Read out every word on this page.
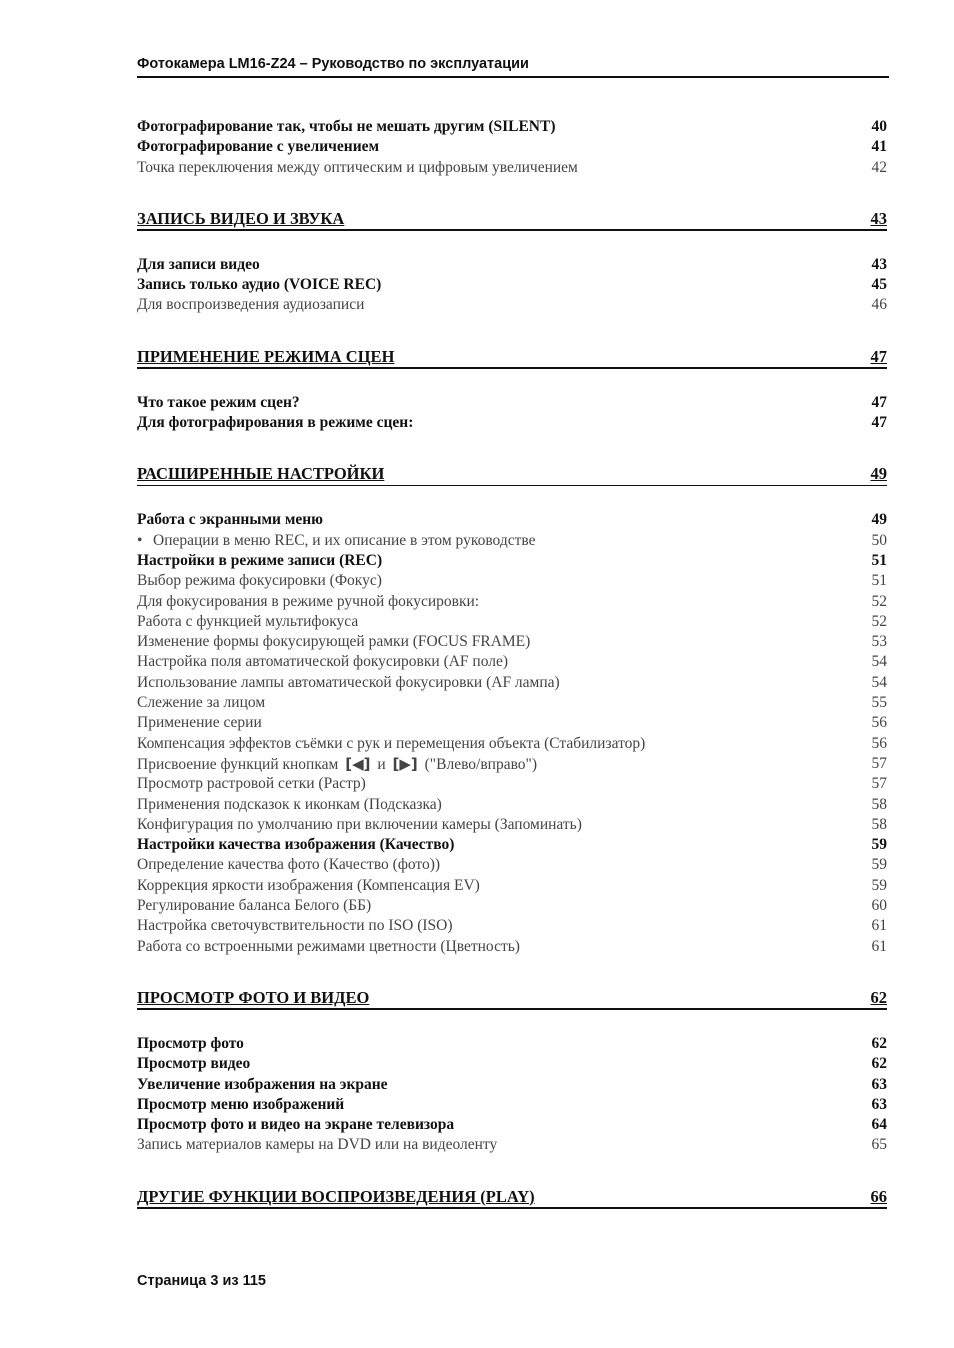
Фотокамера LM16-Z24 – Руководство по эксплуатации
Фотографирование так, чтобы не мешать другим (SILENT)	40
Фотографирование с увеличением	41
Точка переключения между оптическим и цифровым увеличением	42
ЗАПИСЬ ВИДЕО И ЗВУКА	43
Для записи видео	43
Запись только аудио (VOICE REC)	45
Для воспроизведения аудиозаписи	46
ПРИМЕНЕНИЕ РЕЖИМА СЦЕН	47
Что такое режим сцен?	47
Для фотографирования в режиме сцен:	47
РАСШИРЕННЫЕ НАСТРОЙКИ	49
Работа с экранными меню	49
• Операции в меню REC, и их описание в этом руководстве	50
Настройки в режиме записи (REC)	51
Выбор режима фокусировки (Фокус)	51
Для фокусирования в режиме ручной фокусировки:	52
Работа с функцией мультифокуса	52
Изменение формы фокусирующей рамки (FOCUS FRAME)	53
Настройка поля автоматической фокусировки (AF поле)	54
Использование лампы автоматической фокусировки (AF лампа)	54
Слежение за лицом	55
Применение серии	56
Компенсация эффектов съёмки с рук и перемещения объекта (Стабилизатор)	56
Присвоение функций кнопкам [◀] и [▶] ("Влево/вправо")	57
Просмотр растровой сетки (Растр)	57
Применения подсказок к иконкам (Подсказка)	58
Конфигурация по умолчанию при включении камеры (Запоминать)	58
Настройки качества изображения (Качество)	59
Определение качества фото (Качество (фото))	59
Коррекция яркости изображения (Компенсация EV)	59
Регулирование баланса Белого (ББ)	60
Настройка светочувствительности по ISO (ISO)	61
Работа со встроенными режимами цветности (Цветность)	61
ПРОСМОТР ФОТО И ВИДЕО	62
Просмотр фото	62
Просмотр видео	62
Увеличение изображения на экране	63
Просмотр меню изображений	63
Просмотр фото и видео на экране телевизора	64
Запись материалов камеры на DVD или на видеоленту	65
ДРУГИЕ ФУНКЦИИ ВОСПРОИЗВЕДЕНИЯ (PLAY)	66
Страница 3 из 115
